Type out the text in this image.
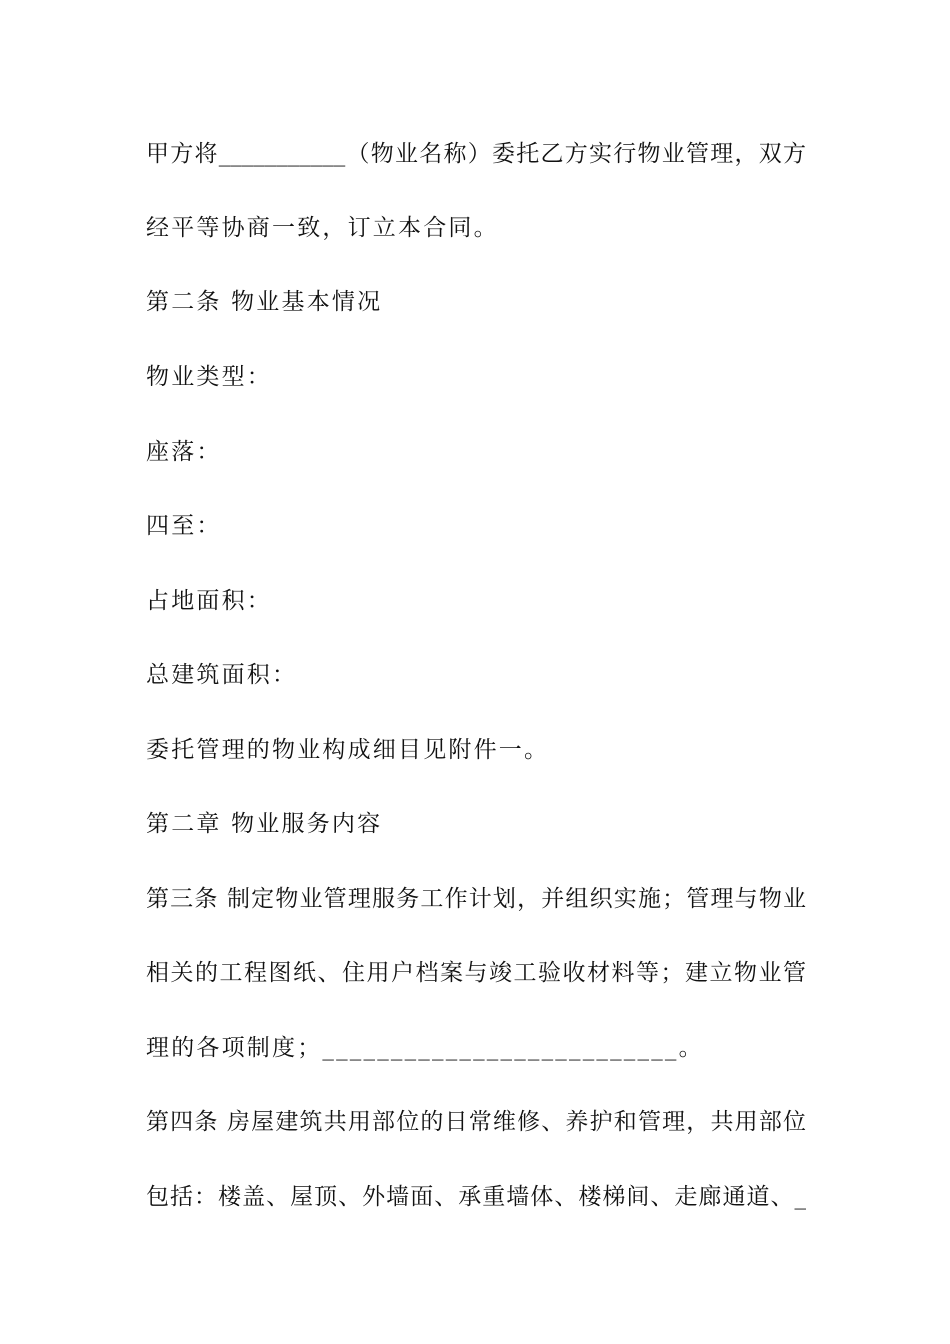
甲方将___________（物业名称）委托乙方实行物业管理，双方
经平等协商一致，订立本合同。
第二条 物业基本情况
物业类型：
座落：
四至：
占地面积：
总建筑面积：
委托管理的物业构成细目见附件一。
第二章 物业服务内容
第三条 制定物业管理服务工作计划，并组织实施；管理与物业
相关的工程图纸、住用户档案与竣工验收材料等；建立物业管
理的各项制度；__________________________。
第四条 房屋建筑共用部位的日常维修、养护和管理，共用部位
包括：楼盖、屋顶、外墙面、承重墙体、楼梯间、走廊通道、_
